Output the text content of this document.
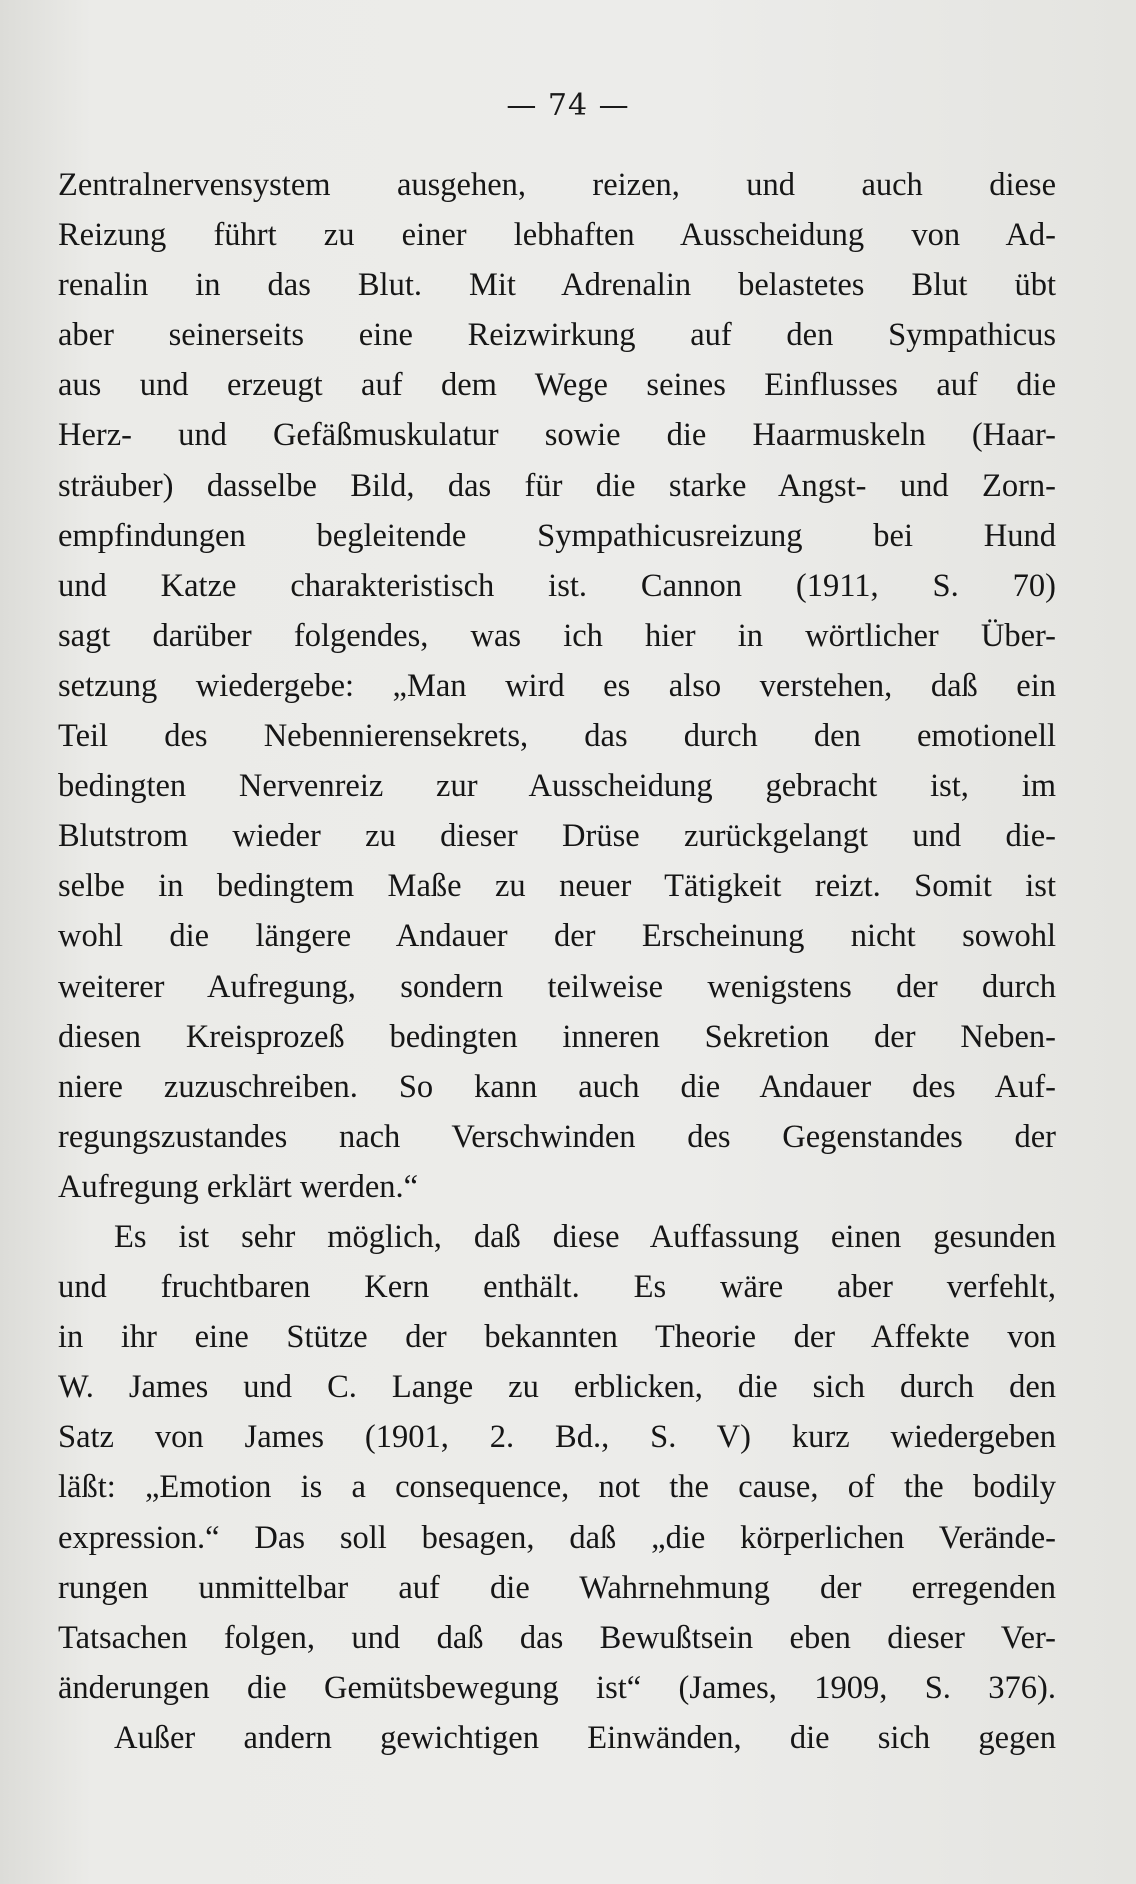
— 74 —
Zentralnervensystem ausgehen, reizen, und auch diese
Reizung führt zu einer lebhaften Ausscheidung von Ad-
renalin in das Blut. Mit Adrenalin belastetes Blut übt
aber seinerseits eine Reizwirkung auf den Sympathicus
aus und erzeugt auf dem Wege seines Einflusses auf die
Herz- und Gefäßmuskulatur sowie die Haarmuskeln (Haar-
sträuber) dasselbe Bild, das für die starke Angst- und Zorn-
empfindungen begleitende Sympathicusreizung bei Hund
und Katze charakteristisch ist. Cannon (1911, S. 70)
sagt darüber folgendes, was ich hier in wörtlicher Über-
setzung wiedergebe: „Man wird es also verstehen, daß ein
Teil des Nebennierensekrets, das durch den emotionell
bedingten Nervenreiz zur Ausscheidung gebracht ist, im
Blutstrom wieder zu dieser Drüse zurückgelangt und die-
selbe in bedingtem Maße zu neuer Tätigkeit reizt. Somit ist
wohl die längere Andauer der Erscheinung nicht sowohl
weiterer Aufregung, sondern teilweise wenigstens der durch
diesen Kreisprozeß bedingten inneren Sekretion der Neben-
niere zuzuschreiben. So kann auch die Andauer des Auf-
regungszustandes nach Verschwinden des Gegenstandes der
Aufregung erklärt werden.“
Es ist sehr möglich, daß diese Auffassung einen gesunden
und fruchtbaren Kern enthält. Es wäre aber verfehlt,
in ihr eine Stütze der bekannten Theorie der Affekte von
W. James und C. Lange zu erblicken, die sich durch den
Satz von James (1901, 2. Bd., S. V) kurz wiedergeben
läßt: „Emotion is a consequence, not the cause, of the bodily
expression.“ Das soll besagen, daß „die körperlichen Verände-
rungen unmittelbar auf die Wahrnehmung der erregenden
Tatsachen folgen, und daß das Bewußtsein eben dieser Ver-
änderungen die Gemütsbewegung ist“ (James, 1909, S. 376).
Außer andern gewichtigen Einwänden, die sich gegen
